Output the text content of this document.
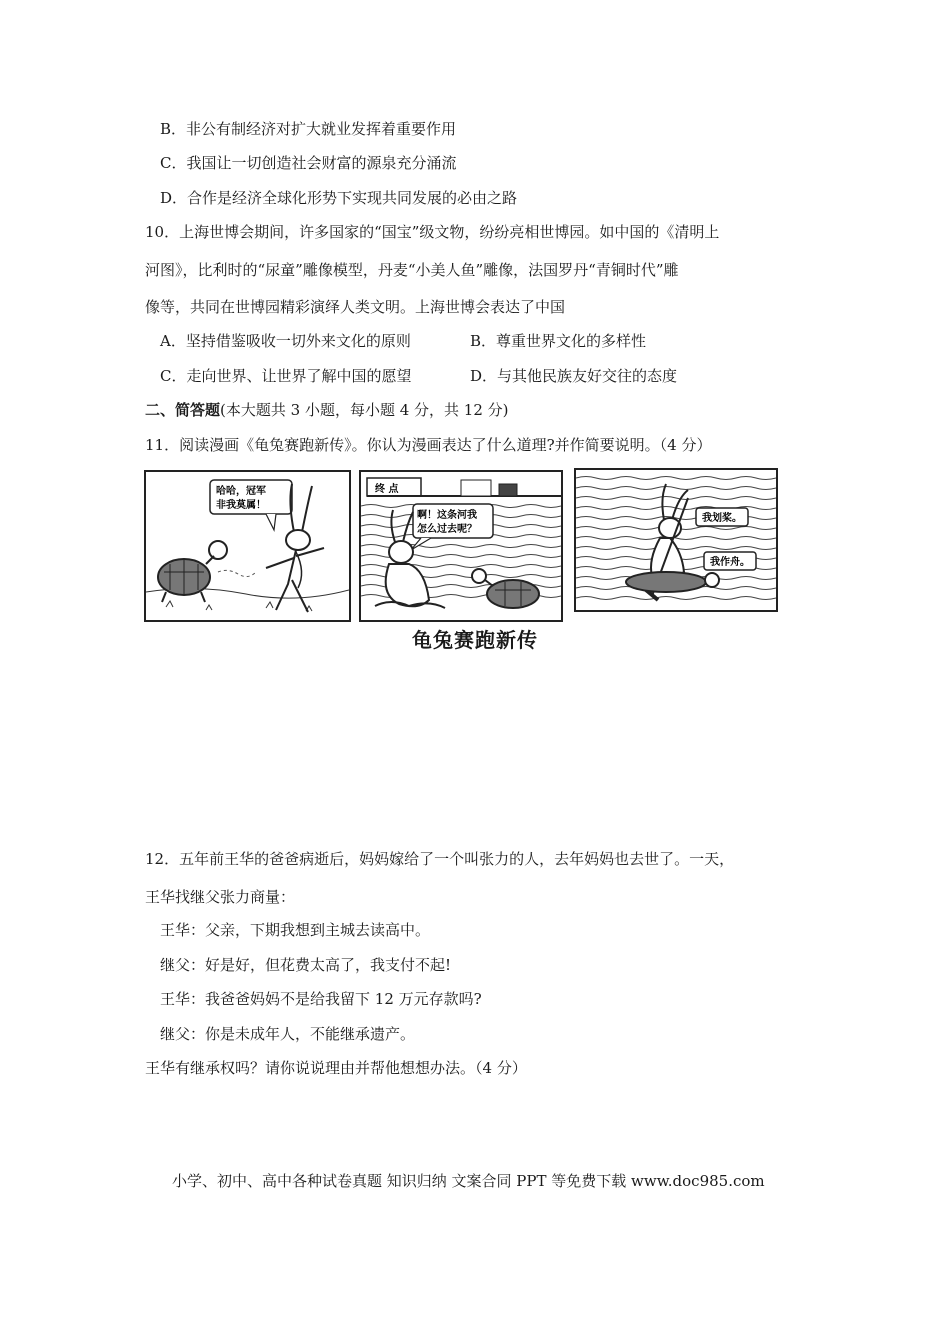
B．非公有制经济对扩大就业发挥着重要作用
C．我国让一切创造社会财富的源泉充分涌流
D．合作是经济全球化形势下实现共同发展的必由之路
10．上海世博会期间，许多国家的“国宝”级文物，纷纷亮相世博园。如中国的《清明上
河图》，比利时的“尿童”雕像模型，丹麦“小美人鱼”雕像，法国罗丹“青铜时代”雕
像等，共同在世博园精彩演绎人类文明。上海世博会表达了中国
A．坚持借鉴吸收一切外来文化的原则	B．尊重世界文化的多样性
C．走向世界、让世界了解中国的愿望	D．与其他民族友好交往的态度
二、简答题(本大题共 3 小题，每小题 4 分，共 12 分)
11．阅读漫画《龟兔赛跑新传》。你认为漫画表达了什么道理?并作简要说明。（4 分）
哈哈，冠军
非我莫属！
终 点
啊！这条河我
怎么过去呢？
我划桨。
我作舟。
龟兔赛跑新传
12．五年前王华的爸爸病逝后，妈妈嫁给了一个叫张力的人，去年妈妈也去世了。一天，
王华找继父张力商量：
王华：父亲，下期我想到主城去读高中。
继父：好是好，但花费太高了，我支付不起!
王华：我爸爸妈妈不是给我留下 12 万元存款吗?
继父：你是未成年人，不能继承遗产。
王华有继承权吗？请你说说理由并帮他想想办法。（4 分）
小学、初中、高中各种试卷真题 知识归纳 文案合同 PPT 等免费下载 www.doc985.com
